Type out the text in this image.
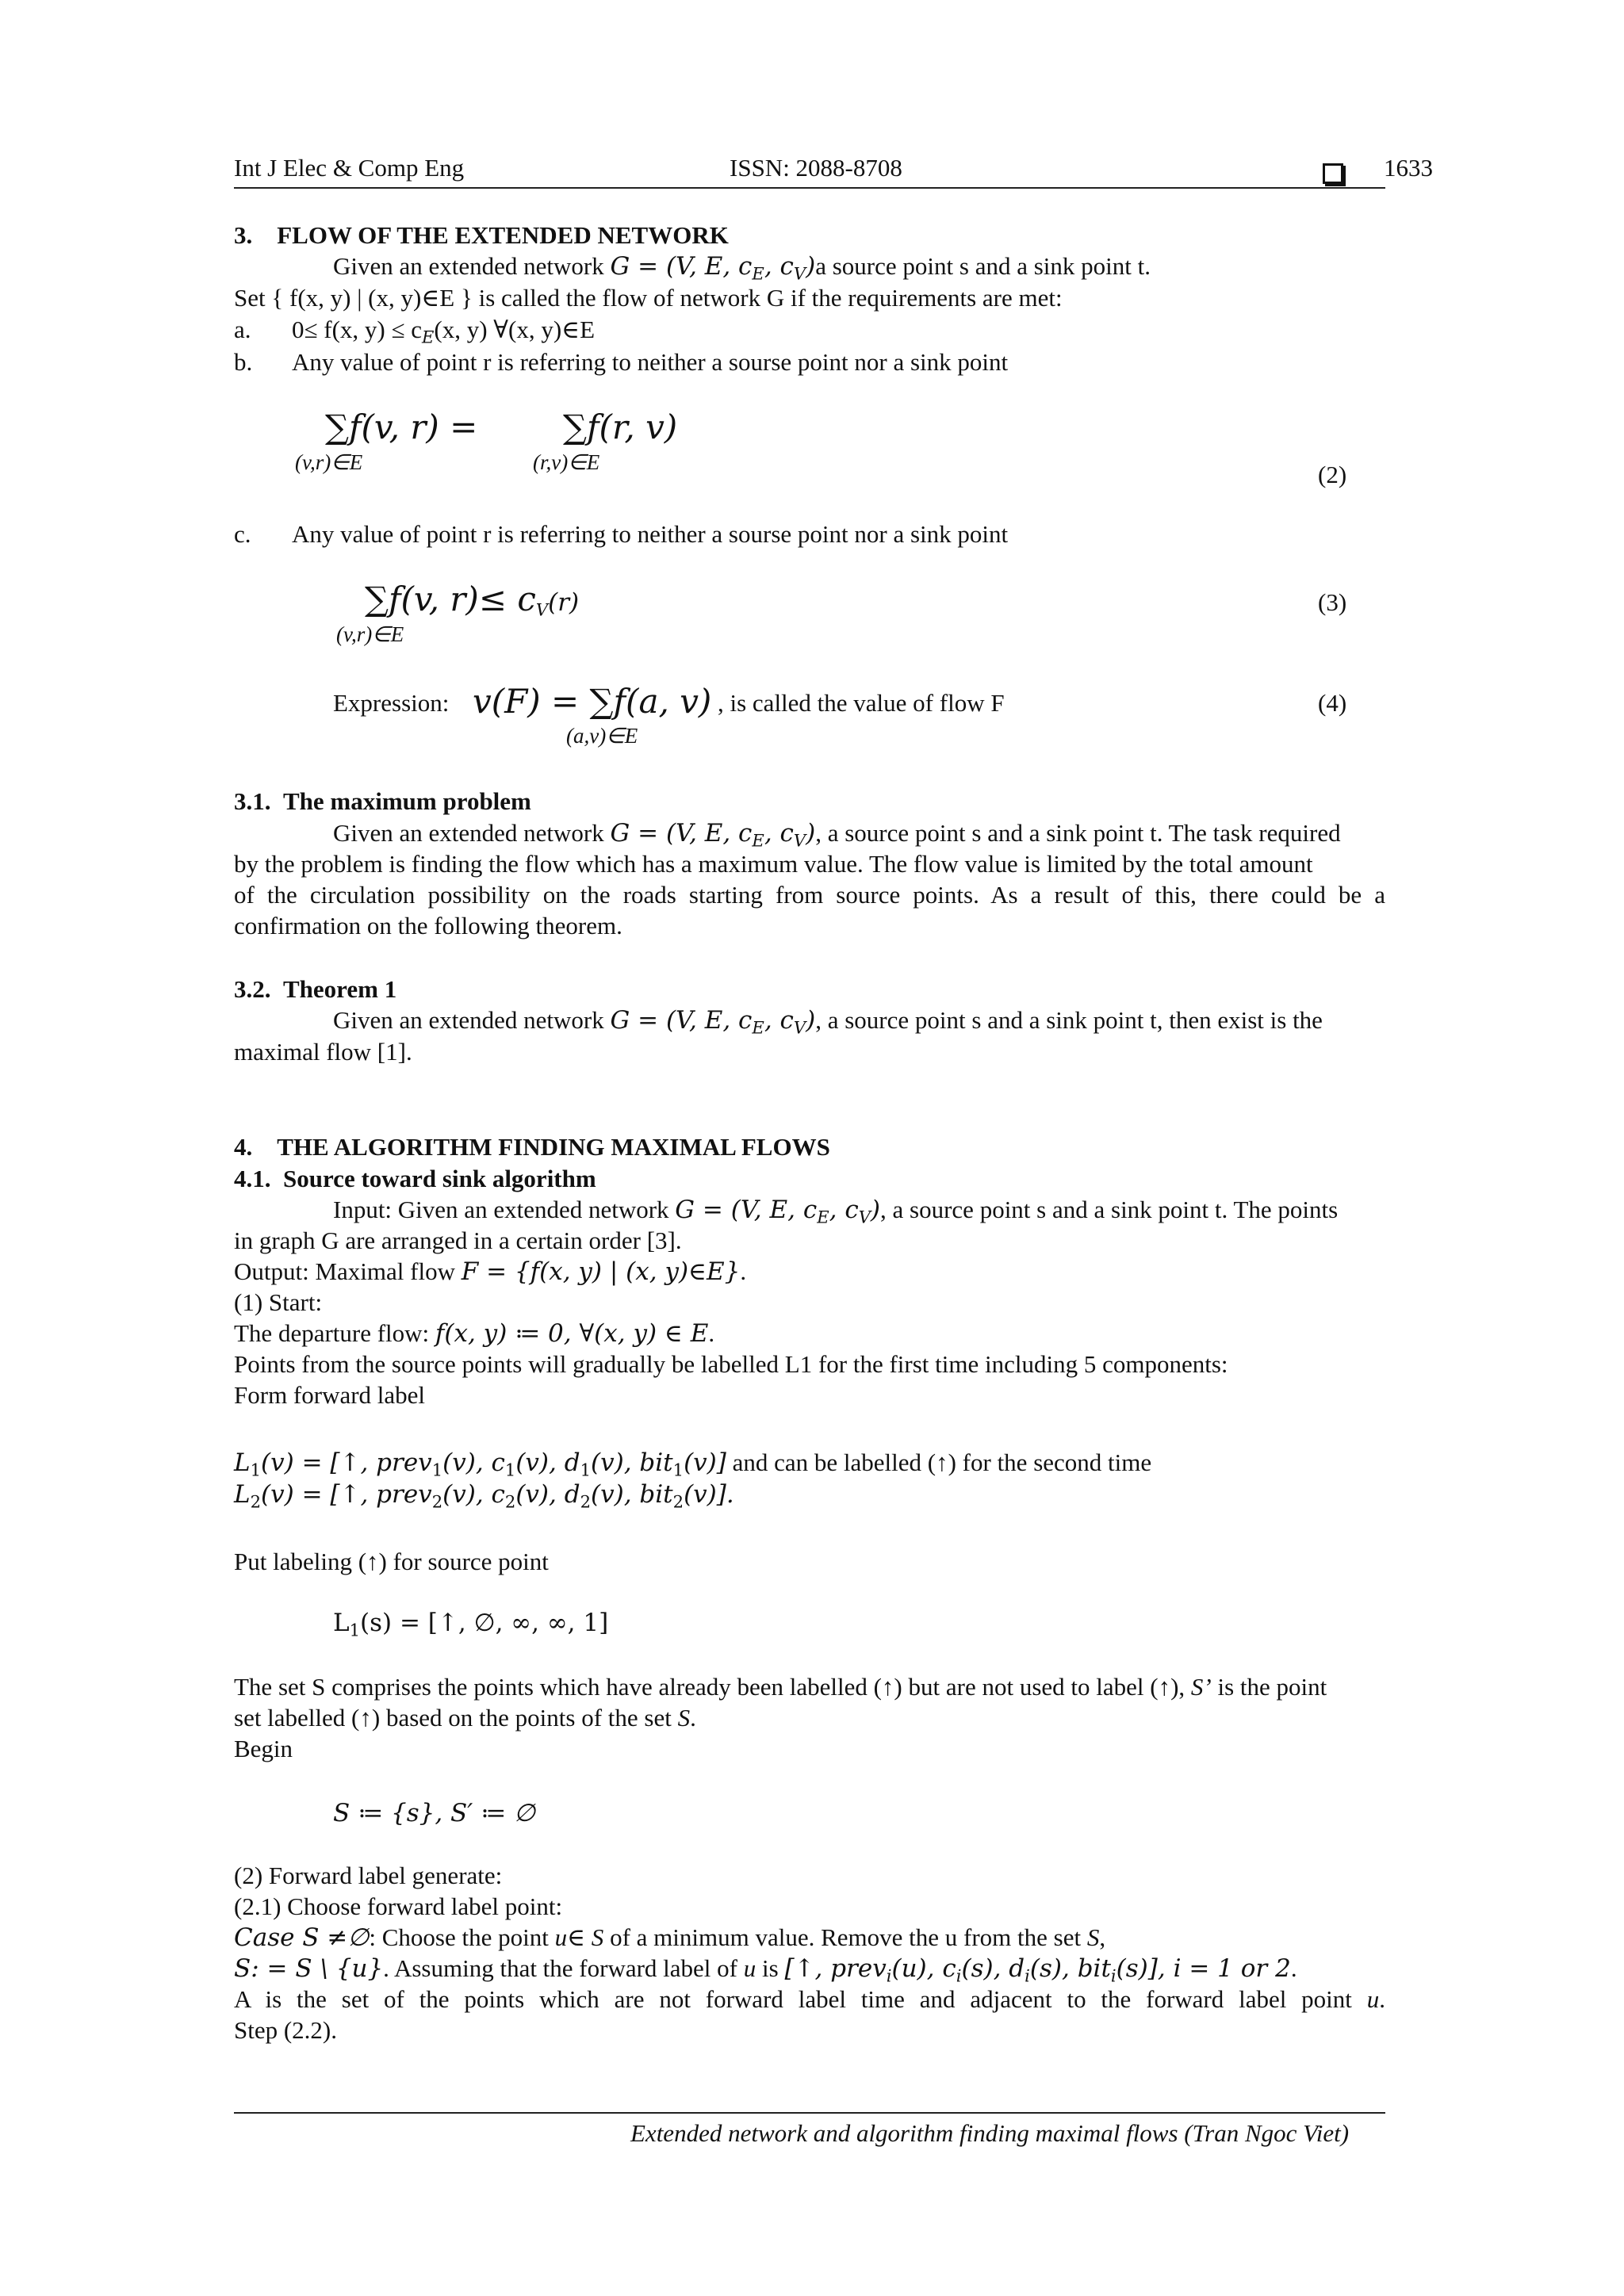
Int J Elec & Comp Eng	ISSN: 2088-8708	1633
3. FLOW OF THE EXTENDED NETWORK
Given an extended network G = (V, E, $c_E$, $c_V)a$ source point s and a sink point t.
Set { f(x, y) | (x, y)∈E } is called the flow of network G if the requirements are met:
a. 0≤ f(x, $y) \le c_E(x$, y) ∀(x, y)∈E
b. Any value of point r is referring to neither a sourse point nor a sink point
∑f(v, r) =
(v,r)∈E
∑f(r, v)
(r,v)∈E	(2)
c. Any value of point r is referring to neither a sourse point nor a sink point
∑f(v, $r)\le c_V(r)$
(v,r)∈E
(3)
Expression: v(F) = ∑f(a, v)
(a,v)∈E
, is called the value of flow F	(4)
3.1. The maximum problem
Given an extended network G = (V, E, $c_E$, $c_V$), a source point s and a sink point t. The task required
by the problem is finding the flow which has a maximum value. The flow value is limited by the total amount
of the circulation possibility on the roads starting from source points. As a result of this, there could be a
confirmation on the following theorem.
3.2. Theorem 1
Given an extended network G = (V, E, $c_E$, $c_V$), a source point s and a sink point t, then exist is the
maximal flow [1].
4. THE ALGORITHM FINDING MAXIMAL FLOWS
4.1. Source toward sink algorithm
Input: Given an extended network G = (V, E, $c_E$, $c_V$), a source point s and a sink point t. The points
in graph G are arranged in a certain order [3].
Output: Maximal flow F = {f(x, y) | (x, y)∈E}.
(1) Start:
The departure flow: f(x, y) ≔ 0, ∀(x, y) ∈ E.
Points from the source points will gradually be labelled L1 for the first time including 5 components:
Form forward label
$L_1(v)$ = [↑, prev$_1$(v), $c_1(v)$, $d_1(v)$, bit$_1$(v)] and can be labelled (↑) for the second time
$L_2(v)$ = [↑, prev$_2$(v), $c_2(v)$, $d_2(v)$, bit$_2$(v)].
Put labeling (↑) for source point
$L_1(s)$ = [↑, ∅, ∞, ∞, 1]
The set S comprises the points which have already been labelled (↑) but are not used to label (↑), S’ is the point
set labelled (↑) based on the points of the set S.
Begin
S ≔ {s}, S′ ≔ ∅
(2) Forward label generate:
(2.1) Choose forward label point:
Case S ≠∅: Choose the point u∈ S of a minimum value. Remove the u from the set S,
S: = S \ {u}. Assuming that the forward label of u is [↑, prev$_i$(u), $c_i(s)$, $d_i(s)$, bit$_i$(s)], i = 1 or 2.
A is the set of the points which are not forward label time and adjacent to the forward label point u.
Step (2.2).
Extended network and algorithm finding maximal flows (Tran Ngoc Viet)
